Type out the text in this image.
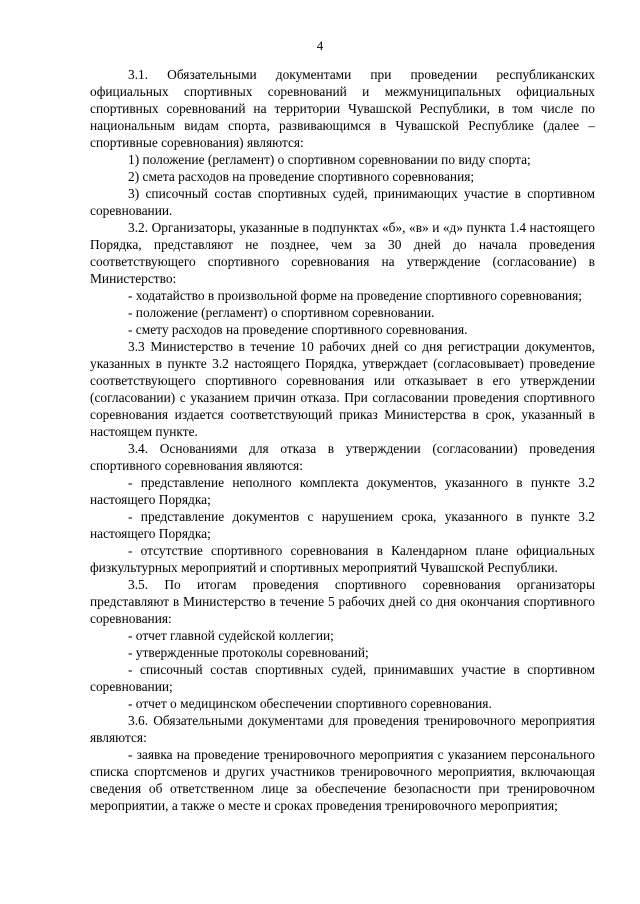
4

3.1. Обязательными документами при проведении республиканских официальных спортивных соревнований и межмуниципальных официальных спортивных соревнований на территории Чувашской Республики, в том числе по национальным видам спорта, развивающимся в Чувашской Республике (далее – спортивные соревнования) являются:

1) положение (регламент) о спортивном соревновании по виду спорта;

2) смета расходов на проведение спортивного соревнования;

3) списочный состав спортивных судей, принимающих участие в спортивном соревновании.

3.2. Организаторы, указанные в подпунктах «б», «в» и «д» пункта 1.4 настоящего Порядка, представляют не позднее, чем за 30 дней до начала проведения соответствующего спортивного соревнования на утверждение (согласование) в Министерство:

- ходатайство в произвольной форме на проведение спортивного соревнования;

- положение (регламент) о спортивном соревновании.

- смету расходов на проведение спортивного соревнования.

3.3 Министерство в течение 10 рабочих дней со дня регистрации документов, указанных в пункте 3.2 настоящего Порядка, утверждает (согласовывает) проведение соответствующего спортивного соревнования или отказывает в его утверждении (согласовании) с указанием причин отказа. При согласовании проведения спортивного соревнования издается соответствующий приказ Министерства в срок, указанный в настоящем пункте.

3.4. Основаниями для отказа в утверждении (согласовании) проведения спортивного соревнования являются:

- представление неполного комплекта документов, указанного в пункте 3.2 настоящего Порядка;

- представление документов с нарушением срока, указанного в пункте 3.2 настоящего Порядка;

- отсутствие спортивного соревнования в Календарном плане официальных физкультурных мероприятий и спортивных мероприятий Чувашской Республики.

3.5. По итогам проведения спортивного соревнования организаторы представляют в Министерство в течение 5 рабочих дней со дня окончания спортивного соревнования:

- отчет главной судейской коллегии;

- утвержденные протоколы соревнований;

- списочный состав спортивных судей, принимавших участие в спортивном соревновании;

- отчет о медицинском обеспечении спортивного соревнования.

3.6. Обязательными документами для проведения тренировочного мероприятия являются:

- заявка на проведение тренировочного мероприятия с указанием персонального списка спортсменов и других участников тренировочного мероприятия, включающая сведения об ответственном лице за обеспечение безопасности при тренировочном мероприятии, а также о месте и сроках проведения тренировочного мероприятия;
